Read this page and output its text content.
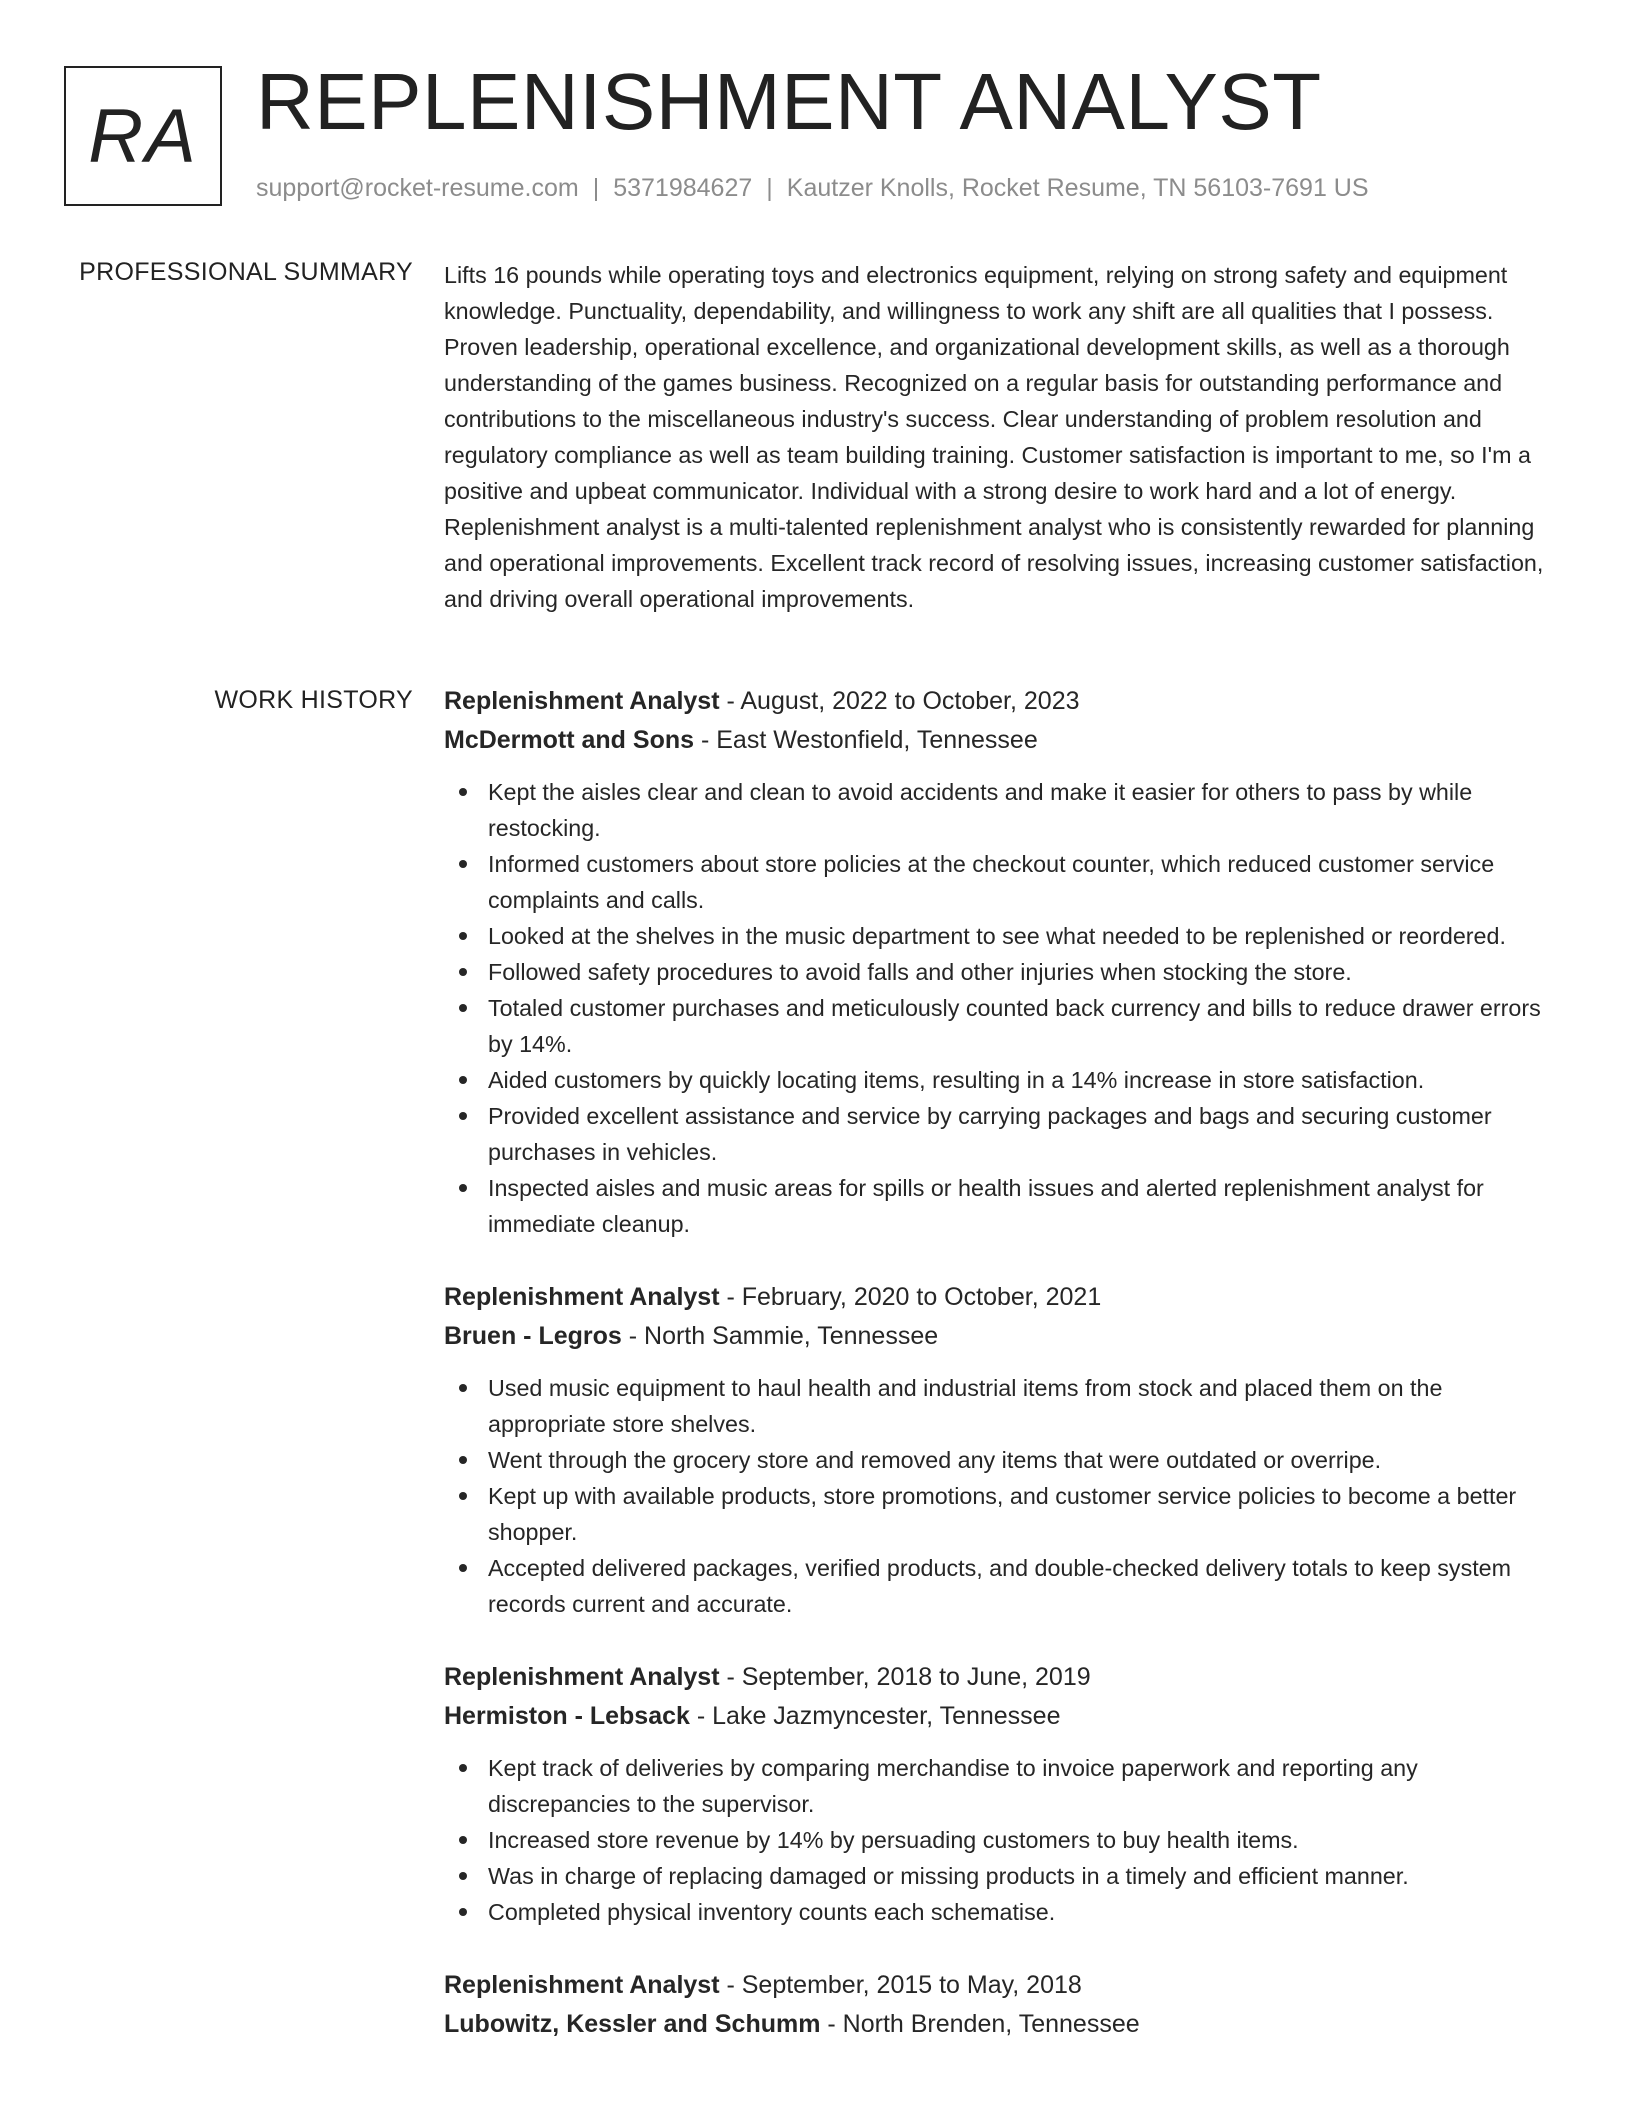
RA REPLENISHMENT ANALYST
support@rocket-resume.com | 5371984627 | Kautzer Knolls, Rocket Resume, TN 56103-7691 US
PROFESSIONAL SUMMARY Lifts 16 pounds while operating toys and electronics equipment, relying on strong safety and equipment knowledge. Punctuality, dependability, and willingness to work any shift are all qualities that I possess. Proven leadership, operational excellence, and organizational development skills, as well as a thorough understanding of the games business. Recognized on a regular basis for outstanding performance and contributions to the miscellaneous industry's success. Clear understanding of problem resolution and regulatory compliance as well as team building training. Customer satisfaction is important to me, so I'm a positive and upbeat communicator. Individual with a strong desire to work hard and a lot of energy. Replenishment analyst is a multi-talented replenishment analyst who is consistently rewarded for planning and operational improvements. Excellent track record of resolving issues, increasing customer satisfaction, and driving overall operational improvements.

WORK HISTORY Replenishment Analyst - August, 2022 to October, 2023
McDermott and Sons - East Westonfield, Tennessee
Kept the aisles clear and clean to avoid accidents and make it easier for others to pass by while restocking.
Informed customers about store policies at the checkout counter, which reduced customer service complaints and calls.
Looked at the shelves in the music department to see what needed to be replenished or reordered.
Followed safety procedures to avoid falls and other injuries when stocking the store.
Totaled customer purchases and meticulously counted back currency and bills to reduce drawer errors by 14%.
Aided customers by quickly locating items, resulting in a 14% increase in store satisfaction.
Provided excellent assistance and service by carrying packages and bags and securing customer purchases in vehicles.
Inspected aisles and music areas for spills or health issues and alerted replenishment analyst for immediate cleanup.
Replenishment Analyst - February, 2020 to October, 2021
Bruen - Legros - North Sammie, Tennessee
Used music equipment to haul health and industrial items from stock and placed them on the appropriate store shelves.
Went through the grocery store and removed any items that were outdated or overripe.
Kept up with available products, store promotions, and customer service policies to become a better shopper.
Accepted delivered packages, verified products, and double-checked delivery totals to keep system records current and accurate.
Replenishment Analyst - September, 2018 to June, 2019
Hermiston - Lebsack - Lake Jazmyncester, Tennessee
Kept track of deliveries by comparing merchandise to invoice paperwork and reporting any discrepancies to the supervisor.
Increased store revenue by 14% by persuading customers to buy health items.
Was in charge of replacing damaged or missing products in a timely and efficient manner.
Completed physical inventory counts each schematise.
Replenishment Analyst - September, 2015 to May, 2018
Lubowitz, Kessler and Schumm - North Brenden, Tennessee
